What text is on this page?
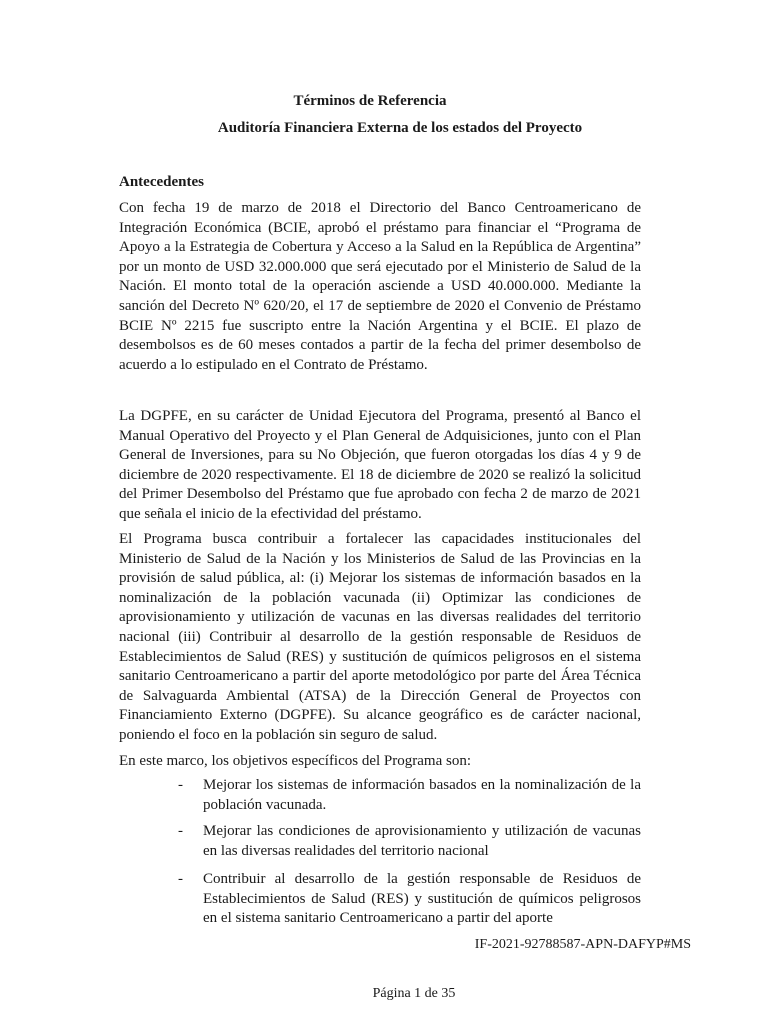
Términos de Referencia
Auditoría Financiera Externa de los estados del Proyecto
Antecedentes

Con fecha 19 de marzo de 2018 el Directorio del Banco Centroamericano de Integración Económica (BCIE, aprobó el préstamo para financiar el “Programa de Apoyo a la Estrategia de Cobertura y Acceso a la Salud en la República de Argentina” por un monto de USD 32.000.000 que será ejecutado por el Ministerio de Salud de la Nación. El monto total de la operación asciende a USD 40.000.000. Mediante la sanción del Decreto Nº 620/20, el 17 de septiembre de 2020 el Convenio de Préstamo BCIE Nº 2215 fue suscripto entre la Nación Argentina y el BCIE. El plazo de desembolsos es de 60 meses contados a partir de la fecha del primer desembolso de acuerdo a lo estipulado en el Contrato de Préstamo.

La DGPFE, en su carácter de Unidad Ejecutora del Programa, presentó al Banco el Manual Operativo del Proyecto y el Plan General de Adquisiciones, junto con el Plan General de Inversiones, para su No Objeción, que fueron otorgadas los días 4 y 9 de diciembre de 2020 respectivamente. El 18 de diciembre de 2020 se realizó la solicitud del Primer Desembolso del Préstamo que fue aprobado con fecha 2 de marzo de 2021 que señala el inicio de la efectividad del préstamo.

El Programa busca contribuir a fortalecer las capacidades institucionales del Ministerio de Salud de la Nación y los Ministerios de Salud de las Provincias en la provisión de salud pública, al: (i) Mejorar los sistemas de información basados en la nominalización de la población vacunada (ii) Optimizar las condiciones de aprovisionamiento y utilización de vacunas en las diversas realidades del territorio nacional (iii) Contribuir al desarrollo de la gestión responsable de Residuos de Establecimientos de Salud (RES) y sustitución de químicos peligrosos en el sistema sanitario Centroamericano a partir del aporte metodológico por parte del Área Técnica de Salvaguarda Ambiental (ATSA) de la Dirección General de Proyectos con Financiamiento Externo (DGPFE). Su alcance geográfico es de carácter nacional, poniendo el foco en la población sin seguro de salud.

En este marco, los objetivos específicos del Programa son:

- Mejorar los sistemas de información basados en la nominalización de la población vacunada.

- Mejorar las condiciones de aprovisionamiento y utilización de vacunas en las diversas realidades del territorio nacional

- Contribuir al desarrollo de la gestión responsable de Residuos de Establecimientos de Salud (RES) y sustitución de químicos peligrosos en el sistema sanitario Centroamericano a partir del aporte

IF-2021-92788587-APN-DAFYP#MS
Página 1 de 35
